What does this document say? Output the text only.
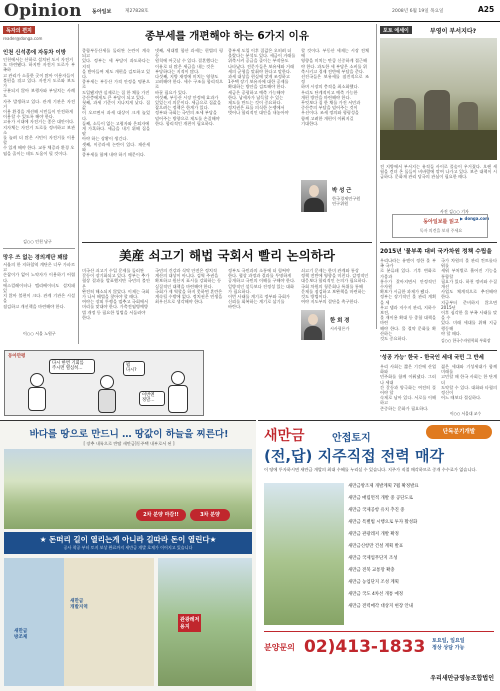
Opinion 동아일보	제27828호	2008년 6월 19일 목요일	A25
독자의 편지
reader@donga.com
인천 신석종에 자동차 이방
인천에서는 산하로 설치된 도시 자전거
도 마련됐다. 하지만 자전거 도로가 부족하
고 관리가 소홀한 곳이 많아 이용자들이
불편을 겪고 있다. 자전거 도로와 보도가
구분되지 않아 보행자와 부딪치는 사례도
자주 발생하고 있다. 관계 기관은 자전거
이용 환경을 개선해 시민들이 안전하게
이용할 수 있도록 해야 한다.
고유가 시대에 자전거는 좋은 대안이다.
지자체는 자전거 도로를 정비하고 보관소
를 늘려 더 많은 시민이 자전거를 이용할
수 있게 해야 한다. 교통 체증과 환경 오
염을 줄이는 데도 도움이 될 것이다.
김○○ 인천 남구
망우 쓰 없는 경의계단 꽤많
서울의 한 지하철역 계단은 너무 가파르고
손잡이가 없어 노약자가 이용하기 어렵다.
에스컬레이터나 엘리베이터도 설치돼 있
지 않아 불편이 크다. 관계 기관은 시설을
점검하고 개선책을 마련해야 한다.
이○○ 서울 노원구
종부세를 개편해야 하는 6가지 이유
종합부동산세를 둘러싼 논란이 계속되고
있다. 정부는 세 부담이 과도하다는 지적
을 받아들여 제도 개편을 검토하고 있다.
종부세는 부동산 가격 안정을 명분으로
도입됐지만 실제로는 집 한 채를 가진
중산층에게도 큰 부담이 되고 있다.
첫째, 과세 기준이 지나치게 낮다. 집값
이 오르면서 과세 대상이 크게 늘었다.
둘째, 소득이 없는 고령자와 은퇴자에
게 가혹하다. 세금을 내기 위해 집을 팔
아야 하는 상황이 생긴다.
셋째, 이중과세 논란이 있다. 재산세와
종부세를 함께 내야 하기 때문이다.
넷째, 세대별 합산 과세는 헌법의 평등
원칙에 어긋날 수 있다. 결혼했다는
이유로 더 많은 세금을 내는 것은
부당하다는 지적이 많다.
다섯째, 지방 재정에 미치는 영향도
고려해야 한다. 세수 구조를 합리적으로
바꿀 필요가 있다.
여섯째, 부동산 시장 안정에 효과가
있었는지 의문이다. 세금으로 집값을
잡으려는 정책은 한계가 있다.
정부와 국회는 국민의 조세 부담을
덜어주는 방향으로 제도를 손질해야
한다. 합리적인 개편이 필요하다.
종부세 도입 이후 집값은 오히려 더
올랐다는 분석도 있다. 세금이 거래를
위축시켜 공급을 줄이는 부작용도
나타났다. 전문가들은 보유세와 거래
세의 균형을 맞춰야 한다고 말한다.
과세 대상을 현실에 맞게 조정하고
1주택 장기 보유자에 대한 공제를
확대하는 방안을 검토해야 한다.
세금은 공평하고 예측 가능해야
한다. 납세자가 납득할 수 있는
제도를 만드는 것이 중요하다.
정치권은 표를 의식한 논쟁에서
벗어나 합리적인 대안을 내놓아야
할 것이다. 부동산 세제는 시장 전체에
영향을 미치는 만큼 신중하게 접근해
야 한다. 과도한 세 부담은 소비를 위
축시키고 경제 전반에 부담을 준다.
선진국들은 보유세를 점진적으로 조정
하며 시장의 충격을 최소화했다.
우리도 단계적이고 예측 가능한
개편 방안을 마련해야 한다.
무엇보다 집 한 채를 가진 서민과
중산층의 부담을 덜어주는 것이
우선이다. 조세 정의와 형평성을
함께 고려한 개편이 이뤄지길
기대한다.
박 성 근
한국경제연구원
연구위원
포토 에세이	부영이 부서지다?
전 지방에서 부서지는 유적들 사이로 풀숲이 우거졌다. 오랜 세월을 견뎌 온 돌들이 비바람에 깎여 나가고 있다. 보존 대책이 시급하다. 문화재 관리 당국의 관심이 필요한 때다.
사진 김○○ 기자
▶ donga.com
동아일보를 읽고
독자 의견을 보내 주세요
2015년 '물부족 대비 국가차원 정책 수립을
우리나라는 유엔이 정한 물 부족 국가
로 분류돼 있다. 기후 변화로 가뭄과
홍수가 잦아지면서 안정적인 수자원
확보가 시급한 과제가 됐다.
정부는 장기적인 물 관리 계획을 세
우고 댐과 저수지 관리, 지하수 보전,
물 재이용 확대 등 종합 대책을 마련
해야 한다. 물 절약 문화를 확산하는
것도 중요하다.
국가 차원의 물 관리 컨트롤타워를
세워 부처별로 흩어진 기능을 통합할
필요가 있다. 하천 정비와 수질 개선
사업도 체계적으로 추진해야 한다.
지금부터 준비하지 않으면 2015년
이후 심각한 물 부족 사태를 맞을 수
있다. 미래 세대를 위해 지금 행동해
야 할 때다.
김○○ 한국수자원학회 부회장
美産 쇠고기 해법 국회서 빨리 논의하라
미국산 쇠고기 수입 문제를 둘러싼
갈등이 장기화되고 있다. 정부는 추가
협상 결과를 발표했지만 국민의 불안은
완전히 해소되지 않았다. 이제는 국회
가 나서 해법을 찾아야 할 때다.
여야는 장외 투쟁을 멈추고 국회에서
머리를 맞대야 한다. 가축전염병예방
법 개정 등 필요한 입법을 서둘러야
한다.
국민의 건강과 식탁 안전은 정치적
계산의 대상이 아니다. 검역 주권을
확보하고 원산지 표시를 강화하는 등
실질적인 대책을 마련해야 한다.
국회가 제 역할을 하지 못하면 혼란은
계속될 수밖에 없다. 정치권은 민생을
최우선으로 생각해야 한다.
정부도 국민과의 소통에 더 힘써야
한다. 협상 과정과 결과를 투명하게
공개하고 국민의 이해를 구해야 한다.
일방적인 설득보다 진정성 있는 대화
가 필요하다.
이번 사태를 계기로 정부와 국회가
신뢰를 회복하는 계기로 삼기를
바란다.
쇠고기 문제는 한미 관계와 통상
정책 전반에 영향을 미친다. 감정적인
대응보다 합리적인 논의가 필요하다.
국회 차원의 청문회나 특위를 통해
문제를 점검하고 보완책을 마련하는
것도 방법이다.
여야 지도부의 결단을 촉구한다.
한 희 경
시사평론가
동아만평
다시 한번 기회를
주시면 열심히…
뭘
다시?
이번엔
정말…
'성공 가능' 한국 - 한국인 세대 국민 그 반세
우리 사회는 짧은 기간에 산업화와
민주화를 함께 이뤄냈다. 그러나 세대
간 갈등과 양극화는 여전히 풀어야 할
숙제로 남아 있다. 서로를 이해하고
존중하는 문화가 필요하다.
젊은 세대와 기성세대가 함께 미래를
고민할 때 한국 사회는 한 단계 더
도약할 수 있다. 대화와 타협의 정신이
어느 때보다 절실하다.
이○○ 서울대 교수
바다를 땅으로 만드니 … 땅값이 하늘을 찌른다!
[ 장추 내륙으로 반딸 새만금]동주택 내부로서 된 ]
2차 분양 마감!!	3차 분양
★ 돈떠리 길이 열리는게 아니라 길따라 돈이 열린다★
공사 착공 부터 토지 보상 완료까지 새만금 개발 호재가 이어지고 있습니다
새만금
개발지역
새만금
방조제
관광레저
용지
새만금	안접토지
단독분기개발
(전,답) 지주직접 전력 매각
이 땅에 투자하시면 새만금 개발의 최대 수혜를 누리실 수 있습니다. 지주가 직접 매각하므로 중개 수수료가 없습니다.
새만금방조제 개발계획 7월 확정발표
새만금 매립면적 개발 중 공단도로
새만금 국제공항 유치 추진 중
새만금 특별법 시행으로 투자 활성화
새만금 관광레저 개발 확정
새만금신항만 건설 계획 발표
새만금 국제업무단지 조성
새만금 전북 교통망 확충
새만금 농업단지 조성 계획
새만금 국도 4차선 개통 예정
새만금 전력매각 대상지 현장 안내
분양문의 02)413-1833 토요일, 일요일
정상 상담 가능
우리새만금영농조합법인
